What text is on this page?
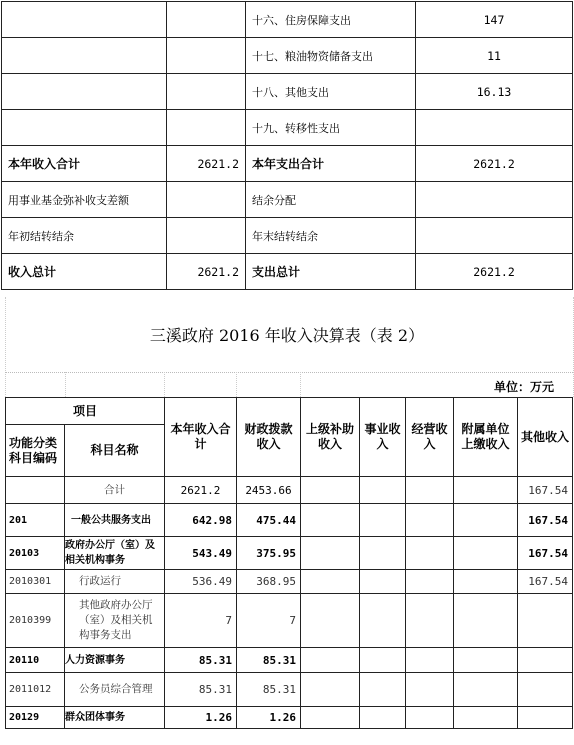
		十六、住房保障支出	147
		十七、粮油物资储备支出	11
		十八、其他支出	16.13
		十九、转移性支出	
本年收入合计	2621.2	本年支出合计	2621.2
用事业基金弥补收支差额		结余分配	
年初结转结余		年末结转结余	
收入总计	2621.2	支出总计	2621.2
三溪政府 2016 年收入决算表（表 2）
单位：万元
项目		本年收入合计	财政拨款收入	上级补助收入	事业收入	经营收入	附属单位上缴收入	其他收入
功能分类科目编码	科目名称							
	合计	2621.2	2453.66					167.54
201	一般公共服务支出	642.98	475.44					167.54
20103	政府办公厅（室）及相关机构事务	543.49	375.95					167.54
2010301	行政运行	536.49	368.95					167.54
2010399	其他政府办公厅（室）及相关机构事务支出	7	7					
20110	人力资源事务	85.31	85.31					
2011012	公务员综合管理	85.31	85.31					
20129	群众团体事务	1.26	1.26					
